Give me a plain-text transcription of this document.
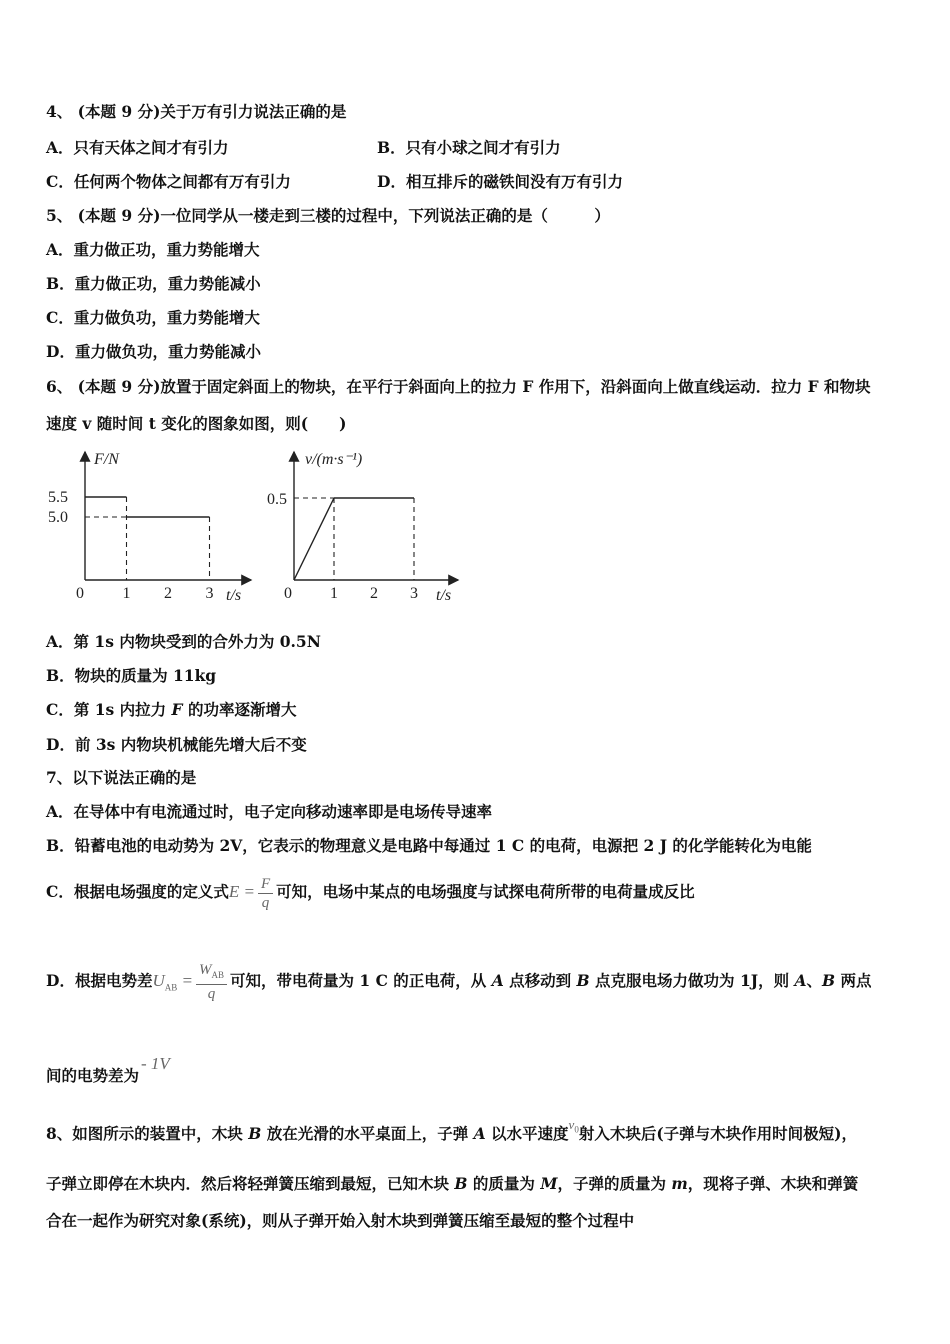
4、 (本题 9 分)关于万有引力说法正确的是
A．只有天体之间才有引力	B．只有小球之间才有引力
C．任何两个物体之间都有万有引力	D．相互排斥的磁铁间没有万有引力
5、 (本题 9 分)一位同学从一楼走到三楼的过程中，下列说法正确的是（　　　）
A．重力做正功，重力势能增大
B．重力做正功，重力势能减小
C．重力做负功，重力势能增大
D．重力做负功，重力势能减小
6、 (本题 9 分)放置于固定斜面上的物块，在平行于斜面向上的拉力 F 作用下，沿斜面向上做直线运动．拉力 F 和物块
速度 v 随时间 t 变化的图象如图，则(　　)
F/N
t/s
0 1 2 3
5.5
5.0
v/(m·s⁻¹)
t/s
0 1 2 3
0.5
A．第 1s 内物块受到的合外力为 0.5N
B．物块的质量为 11kg
C．第 1s 内拉力 F 的功率逐渐增大
D．前 3s 内物块机械能先增大后不变
7、以下说法正确的是
A．在导体中有电流通过时，电子定向移动速率即是电场传导速率
B．铅蓄电池的电动势为 2V，它表示的物理意义是电路中每通过 1 C 的电荷，电源把 2 J 的化学能转化为电能
C．根据电场强度的定义式$E = \frac{F}{q}$ 可知，电场中某点的电场强度与试探电荷所带的电荷量成反比
D．根据电势差$U_{AB} = \frac{W_{AB}}{q}$ 可知，带电荷量为 1 C 的正电荷，从 A 点移动到 B 点克服电场力做功为 1J，则 A、B 两点
间的电势差为- 1V
8、如图所示的装置中，木块 B 放在光滑的水平桌面上，子弹 A 以水平速度$^{v_0}$射入木块后(子弹与木块作用时间极短)，
子弹立即停在木块内．然后将轻弹簧压缩到最短，已知木块 B 的质量为 M，子弹的质量为 m，现将子弹、木块和弹簧
合在一起作为研究对象(系统)，则从子弹开始入射木块到弹簧压缩至最短的整个过程中
